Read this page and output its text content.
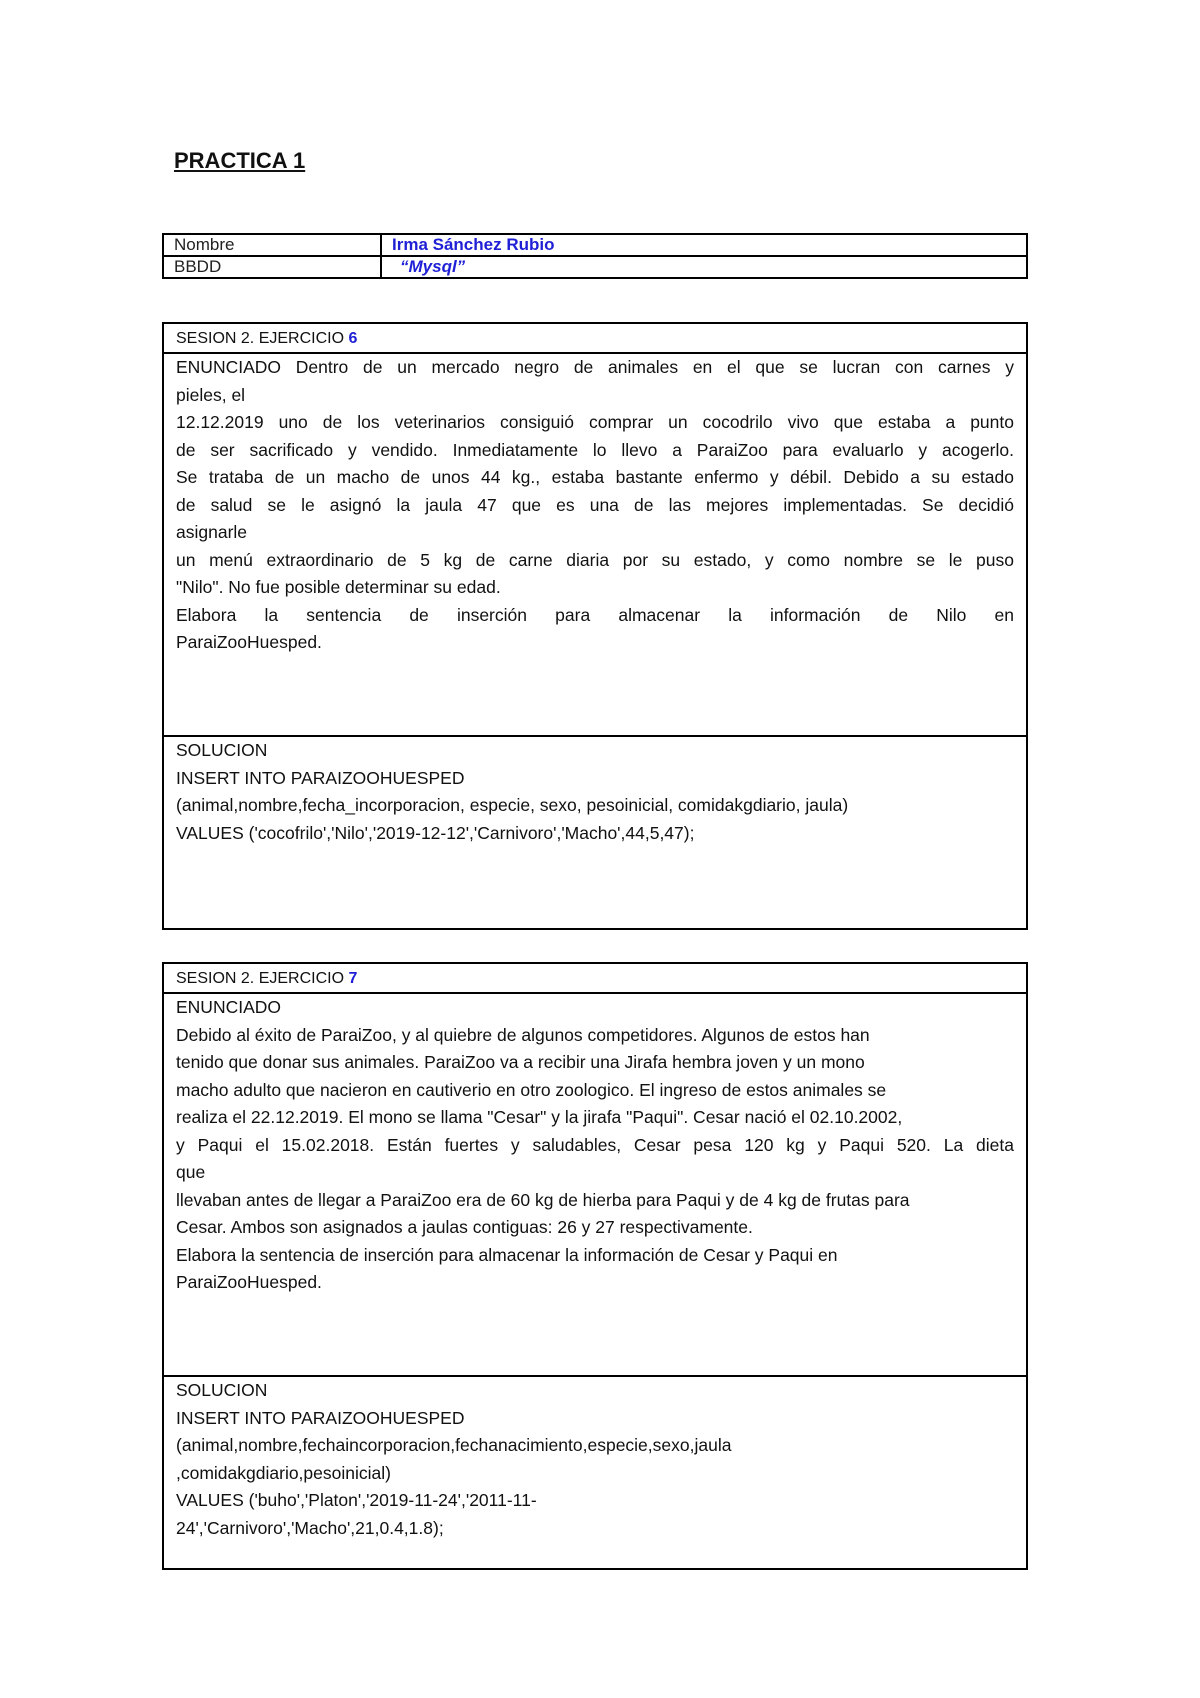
PRACTICA 1
Nombre	Irma Sánchez Rubio
BBDD	“Mysql”
SESION 2. EJERCICIO 6

ENUNCIADO Dentro de un mercado negro de animales en el que se lucran con carnes y

pieles, el

12.12.2019 uno de los veterinarios consiguió comprar un cocodrilo vivo que estaba a punto

de ser sacrificado y vendido. Inmediatamente lo llevo a ParaiZoo para evaluarlo y acogerlo.

Se trataba de un macho de unos 44 kg., estaba bastante enfermo y débil. Debido a su estado

de salud se le asignó la jaula 47 que es una de las mejores implementadas. Se decidió

asignarle

un menú extraordinario de 5 kg de carne diaria por su estado, y como nombre se le puso

"Nilo". No fue posible determinar su edad.

Elabora la sentencia de inserción para almacenar la información de Nilo en

ParaiZooHuesped.

SOLUCION

INSERT INTO PARAIZOOHUESPED

(animal,nombre,fecha_incorporacion, especie, sexo, pesoinicial, comidakgdiario, jaula)

VALUES ('cocofrilo','Nilo','2019-12-12','Carnivoro','Macho',44,5,47);

SESION 2. EJERCICIO 7

ENUNCIADO

Debido al éxito de ParaiZoo, y al quiebre de algunos competidores. Algunos de estos han

tenido que donar sus animales. ParaiZoo va a recibir una Jirafa hembra joven y un mono

macho adulto que nacieron en cautiverio en otro zoologico. El ingreso de estos animales se

realiza el 22.12.2019. El mono se llama "Cesar" y la jirafa "Paqui". Cesar nació el 02.10.2002,

y Paqui el 15.02.2018. Están fuertes y saludables, Cesar pesa 120 kg y Paqui 520. La dieta

que

llevaban antes de llegar a ParaiZoo era de 60 kg de hierba para Paqui y de 4 kg de frutas para

Cesar. Ambos son asignados a jaulas contiguas: 26 y 27 respectivamente.

Elabora la sentencia de inserción para almacenar la información de Cesar y Paqui en

ParaiZooHuesped.

SOLUCION

INSERT INTO PARAIZOOHUESPED

(animal,nombre,fechaincorporacion,fechanacimiento,especie,sexo,jaula

,comidakgdiario,pesoinicial)

VALUES ('buho','Platon','2019-11-24','2011-11-

24','Carnivoro','Macho',21,0.4,1.8);
